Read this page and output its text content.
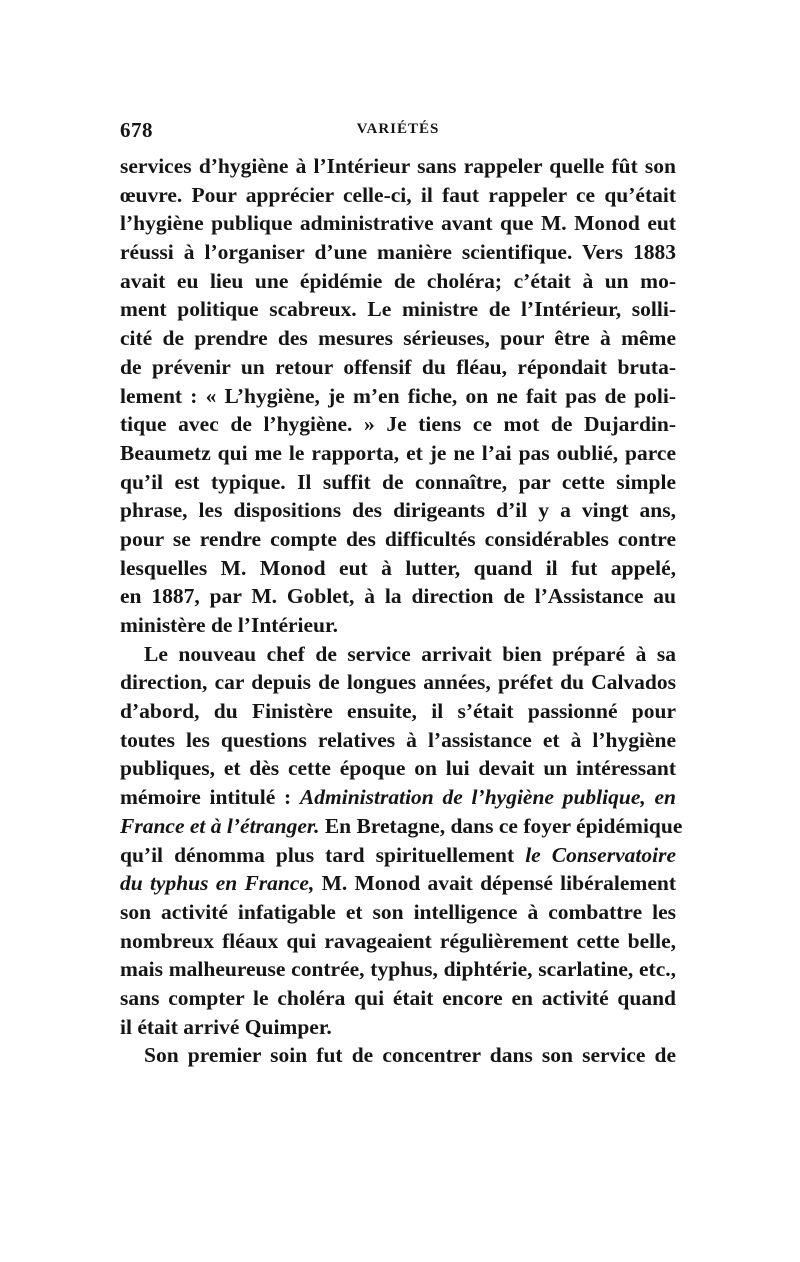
678	VARIÉTÉS
services d’hygiène à l’Intérieur sans rappeler quelle fût son
œuvre. Pour apprécier celle-ci, il faut rappeler ce qu’était
l’hygiène publique administrative avant que M. Monod eut
réussi à l’organiser d’une manière scientifique. Vers 1883
avait eu lieu une épidémie de choléra; c’était à un mo-
ment politique scabreux. Le ministre de l’Intérieur, solli-
cité de prendre des mesures sérieuses, pour être à même
de prévenir un retour offensif du fléau, répondait bruta-
lement : « L’hygiène, je m’en fiche, on ne fait pas de poli-
tique avec de l’hygiène. » Je tiens ce mot de Dujardin-
Beaumetz qui me le rapporta, et je ne l’ai pas oublié, parce
qu’il est typique. Il suffit de connaître, par cette simple
phrase, les dispositions des dirigeants d’il y a vingt ans,
pour se rendre compte des difficultés considérables contre
lesquelles M. Monod eut à lutter, quand il fut appelé,
en 1887, par M. Goblet, à la direction de l’Assistance au
ministère de l’Intérieur.
Le nouveau chef de service arrivait bien préparé à sa
direction, car depuis de longues années, préfet du Calvados
d’abord, du Finistère ensuite, il s’était passionné pour
toutes les questions relatives à l’assistance et à l’hygiène
publiques, et dès cette époque on lui devait un intéressant
mémoire intitulé : Administration de l’hygiène publique, en
France et à l’étranger. En Bretagne, dans ce foyer épidémique
qu’il dénomma plus tard spirituellement le Conservatoire
du typhus en France, M. Monod avait dépensé libéralement
son activité infatigable et son intelligence à combattre les
nombreux fléaux qui ravageaient régulièrement cette belle,
mais malheureuse contrée, typhus, diphtérie, scarlatine, etc.,
sans compter le choléra qui était encore en activité quand
il était arrivé Quimper.
Son premier soin fut de concentrer dans son service de
